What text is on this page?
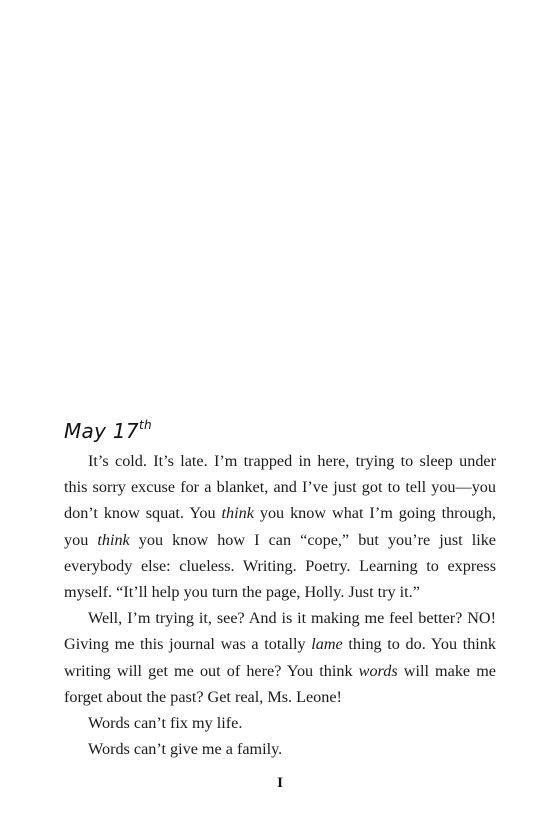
May 17th

It’s cold. It’s late. I’m trapped in here, trying to sleep under this sorry excuse for a blanket, and I’ve just got to tell you—you don’t know squat. You think you know what I’m going through, you think you know how I can “cope,” but you’re just like everybody else: clueless. Writing. Poetry. Learning to express myself. “It’ll help you turn the page, Holly. Just try it.”

Well, I’m trying it, see? And is it making me feel better? NO! Giving me this journal was a totally lame thing to do. You think writing will get me out of here? You think words will make me forget about the past? Get real, Ms. Leone!

Words can’t fix my life.

Words can’t give me a family.

I
